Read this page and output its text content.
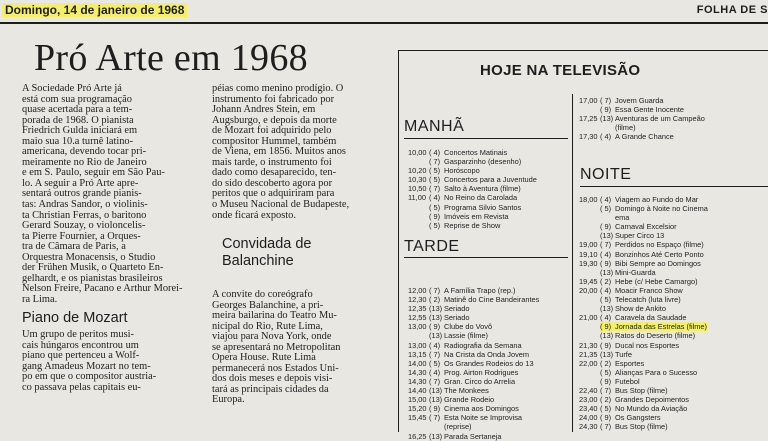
Domingo, 14 de janeiro de 1968	FOLHA DE S
Pró Arte em 1968

A Sociedade Pró Arte já

está com sua programação

quase acertada para a tem-

porada de 1968. O pianista

Friedrich Gulda iniciará em

maio sua 10.a turnê latino-

americana, devendo tocar pri-

meiramente no Rio de Janeiro

e em S. Paulo, seguir em São Pau-

lo. A seguir a Pró Arte apre-

sentará outros grande pianis-

tas: Andras Sandor, o violinis-

ta Christian Ferras, o baritono

Gerard Souzay, o violoncelis-

ta Pierre Fournier, a Orques-

tra de Câmara de Paris, a

Orquestra Monacensis, o Studio

der Frühen Musik, o Quarteto En-

gelhardt, e os pianistas brasileiros

Nelson Freire, Pacano e Arthur Morei-

ra Lima.

Piano de Mozart

Um grupo de peritos musi-

cais húngaros encontrou um

piano que pertenceu a Wolf-

gang Amadeus Mozart no tem-

po em que o compositor austria-

co passava pelas capitais eu-

péias como menino prodígio. O

instrumento foi fabricado por

Johann Andres Stein, em

Augsburgo, e depois da morte

de Mozart foi adquirido pelo

compositor Hummel, também

de Viena, em 1856. Muitos anos

mais tarde, o instrumento foi

dado como desaparecido, ten-

do sido descoberto agora por

peritos que o adquiriram para

o Museu Nacional de Budapeste,

onde ficará exposto.

Convidada de
Balanchine

A convite do coreógrafo

Georges Balanchine, a pri-

meira bailarina do Teatro Mu-

nicipal do Rio, Rute Lima,

viajou para Nova York, onde

se apresentará no Metropolitan

Opera House. Rute Lima

permanecerá nos Estados Uni-

dos dois meses e depois visi-

tará as principais cidades da

Europa.

HOJE NA TELEVISÃO
MANHÃ
10,00 ( 4) Concertos Matinais
( 7) Gasparzinho (desenho)
10,20 ( 5) Horóscopo
10,30 ( 5) Concertos para a Juventude
10,50 ( 7) Salto à Aventura (filme)
11,00 ( 4) No Reino da Carolada
( 5) Programa Silvio Santos
( 9) Imóveis em Revista
( 5) Reprise de Show
TARDE
12,00 ( 7) A Família Trapo (rep.)
12,30 ( 2) Matinê do Cine Bandeirantes
12,35 (13) Seriado
12,55 (13) Seriado
13,00 ( 9) Clube do Vovô
(13) Lassie (filme)
13,00 ( 4) Radiografia da Semana
13,15 ( 7) Na Crista da Onda Jovem
14,00 ( 5) Os Grandes Rodeios do 13
14,30 ( 4) Prog. Airton Rodrigues
14,30 ( 7) Gran. Circo do Arrelia
14,40 (13) The Monkees
15,00 (13) Grande Rodeio
15,20 ( 9) Cinema aos Domingos
15,45 ( 7) Esta Noite se Improvisa
(reprise)
16,25 (13) Parada Sertaneja
17,00 ( 7) Jovem Guarda
( 9) Essa Gente Inocente
17,25 (13) Aventuras de um Campeão
(filme)
17,30 ( 4) A Grande Chance
NOITE
18,00 ( 4) Viagem ao Fundo do Mar
( 5) Domingo à Noite no Cinema
ema
( 9) Carnaval Excelsior
(13) Super Circo 13
19,00 ( 7) Perdidos no Espaço (filme)
19,10 ( 4) Bonzinhos Até Certo Ponto
19,30 ( 9) Bibi Sempre ao Domingos
(13) Mini-Guarda
19,45 ( 2) Hebe (c/ Hebe Camargo)
20,00 ( 4) Moacir Franco Show
( 5) Telecatch (luta livre)
(13) Show de Ankito
21,00 ( 4) Caravela da Saudade
( 9) Jornada das Estrelas (filme)
(13) Ratos do Deserto (filme)
21,30 ( 9) Ducal nos Esportes
21,35 (13) Turfe
22,00 ( 2) Esportes
( 5) Alianças Para o Sucesso
( 9) Futebol
22,40 ( 7) Bus Stop (filme)
23,00 ( 2) Grandes Depoimentos
23,40 ( 5) No Mundo da Aviação
24,00 ( 9) Os Gangsters
24,30 ( 7) Bus Stop (filme)
